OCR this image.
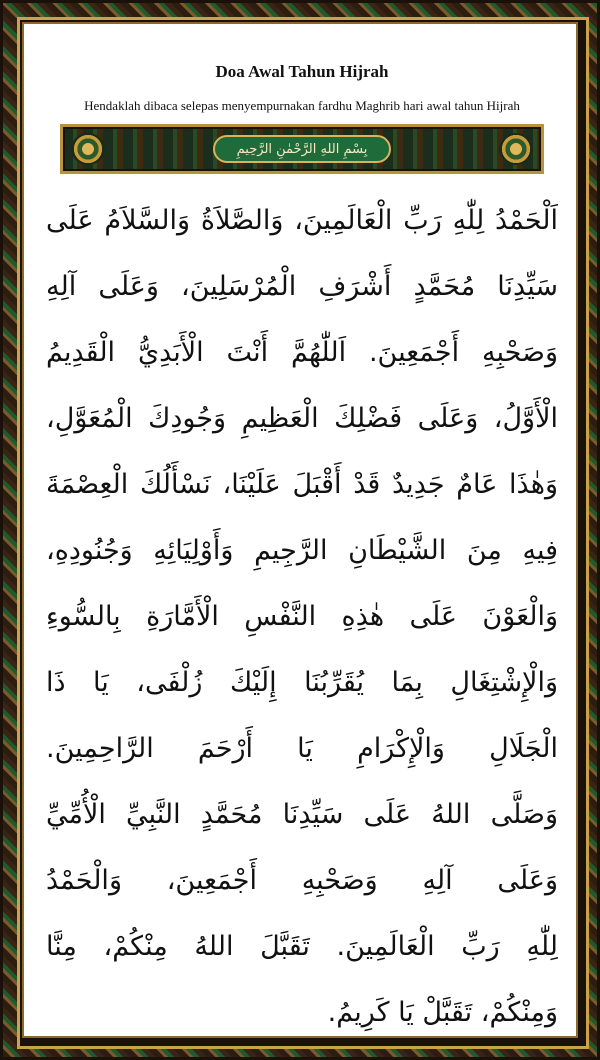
Doa Awal Tahun Hijrah
Hendaklah dibaca selepas menyempurnakan fardhu Maghrib hari awal tahun Hijrah
بِسْمِ اللهِ الرَّحْمٰنِ الرَّحِيمِ
اَلْحَمْدُ لِلّٰهِ رَبِّ الْعَالَمِينَ، وَالصَّلاَةُ وَالسَّلاَمُ عَلَى
سَيِّدِنَا مُحَمَّدٍ أَشْرَفِ الْمُرْسَلِينَ، وَعَلَى آلِهِ
وَصَحْبِهِ أَجْمَعِينَ. اَللّٰهُمَّ أَنْتَ الْأَبَدِيُّ الْقَدِيمُ
الْأَوَّلُ، وَعَلَى فَضْلِكَ الْعَظِيمِ وَجُودِكَ الْمُعَوَّلِ،
وَهٰذَا عَامٌ جَدِيدٌ قَدْ أَقْبَلَ عَلَيْنَا، نَسْأَلُكَ الْعِصْمَةَ
فِيهِ مِنَ الشَّيْطَانِ الرَّجِيمِ وَأَوْلِيَائِهِ وَجُنُودِهِ،
وَالْعَوْنَ عَلَى هٰذِهِ النَّفْسِ الْأَمَّارَةِ بِالسُّوءِ
وَالْإِشْتِغَالِ بِمَا يُقَرِّبُنَا إِلَيْكَ زُلْفَى، يَا ذَا
الْجَلَالِ وَالْإِكْرَامِ يَا أَرْحَمَ الرَّاحِمِينَ.
وَصَلَّى اللهُ عَلَى سَيِّدِنَا مُحَمَّدٍ النَّبِيِّ الْأُمِّيِّ
وَعَلَى آلِهِ وَصَحْبِهِ أَجْمَعِينَ، وَالْحَمْدُ
لِلّٰهِ رَبِّ الْعَالَمِينَ. تَقَبَّلَ اللهُ مِنْكُمْ، مِنَّا
وَمِنْكُمْ، تَقَبَّلْ يَا كَرِيمُ.
